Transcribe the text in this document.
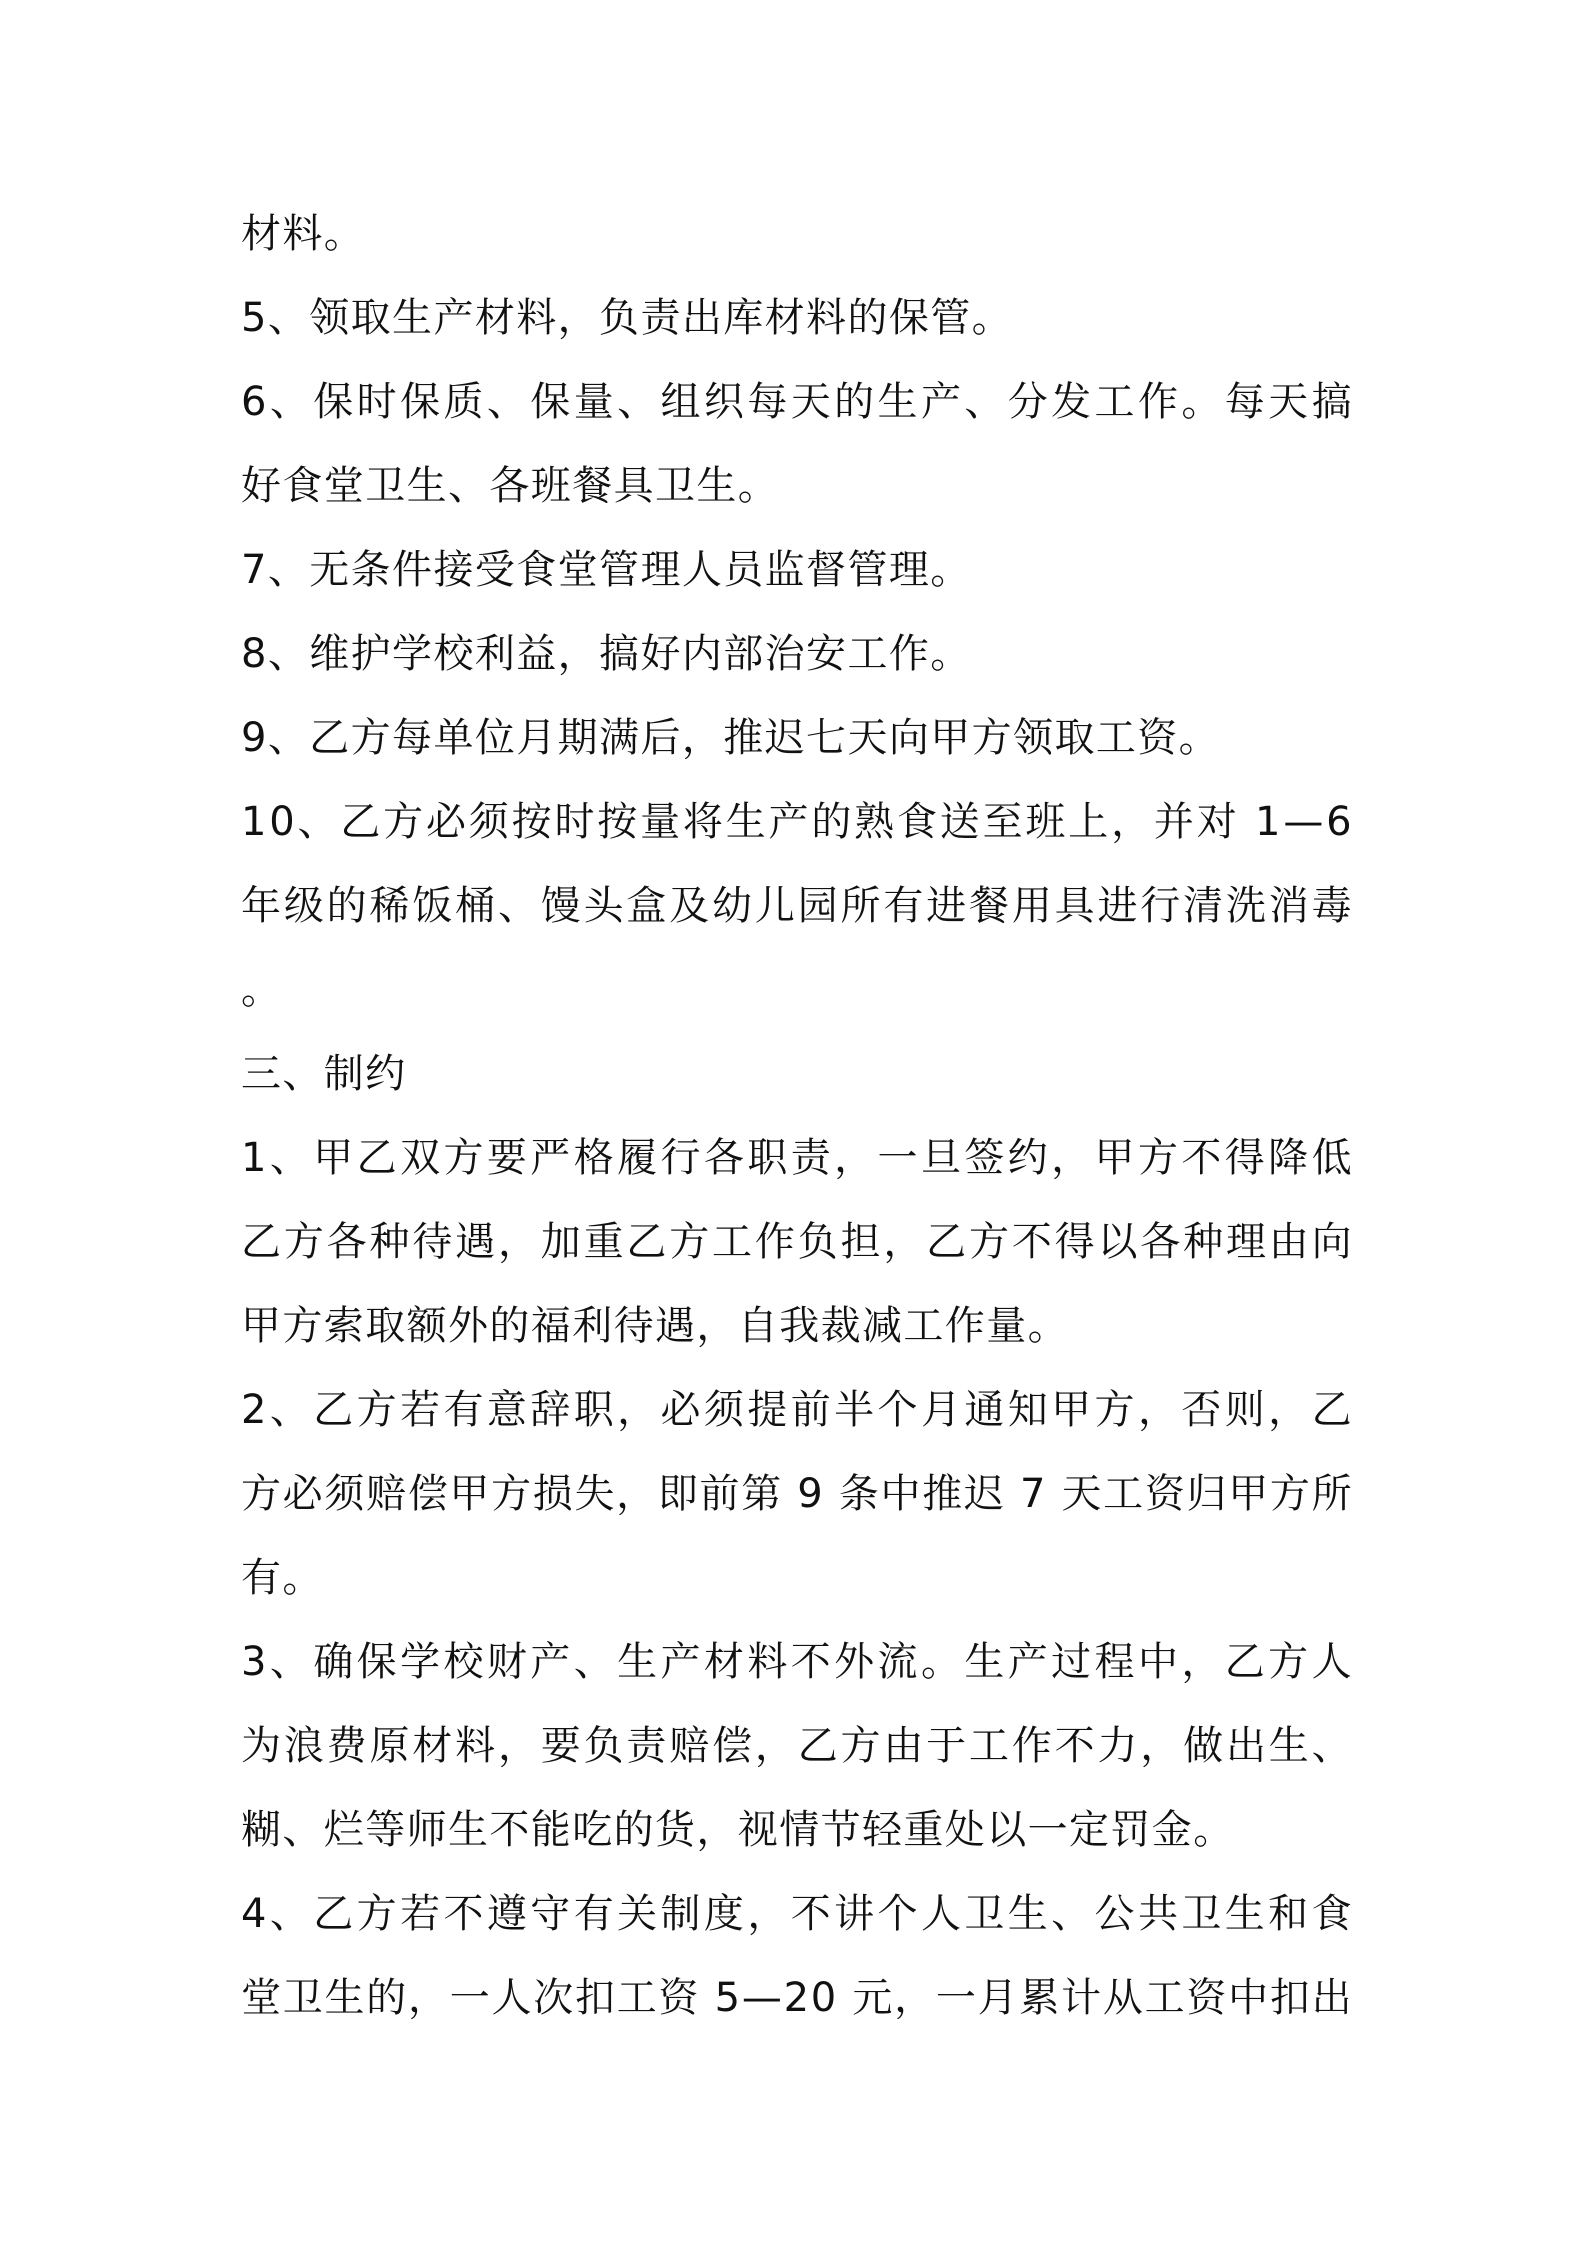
材料。
5、领取生产材料，负责出库材料的保管。
6、保时保质、保量、组织每天的生产、分发工作。每天搞
好食堂卫生、各班餐具卫生。
7、无条件接受食堂管理人员监督管理。
8、维护学校利益，搞好内部治安工作。
9、乙方每单位月期满后，推迟七天向甲方领取工资。
10、乙方必须按时按量将生产的熟食送至班上，并对 1—6
年级的稀饭桶、馒头盒及幼儿园所有进餐用具进行清洗消毒
。
三、制约
1、甲乙双方要严格履行各职责，一旦签约，甲方不得降低
乙方各种待遇，加重乙方工作负担，乙方不得以各种理由向
甲方索取额外的福利待遇，自我裁减工作量。
2、乙方若有意辞职，必须提前半个月通知甲方，否则，乙
方必须赔偿甲方损失，即前第 9 条中推迟 7 天工资归甲方所
有。
3、确保学校财产、生产材料不外流。生产过程中，乙方人
为浪费原材料，要负责赔偿，乙方由于工作不力，做出生、
糊、烂等师生不能吃的货，视情节轻重处以一定罚金。
4、乙方若不遵守有关制度，不讲个人卫生、公共卫生和食
堂卫生的，一人次扣工资 5—20 元，一月累计从工资中扣出
